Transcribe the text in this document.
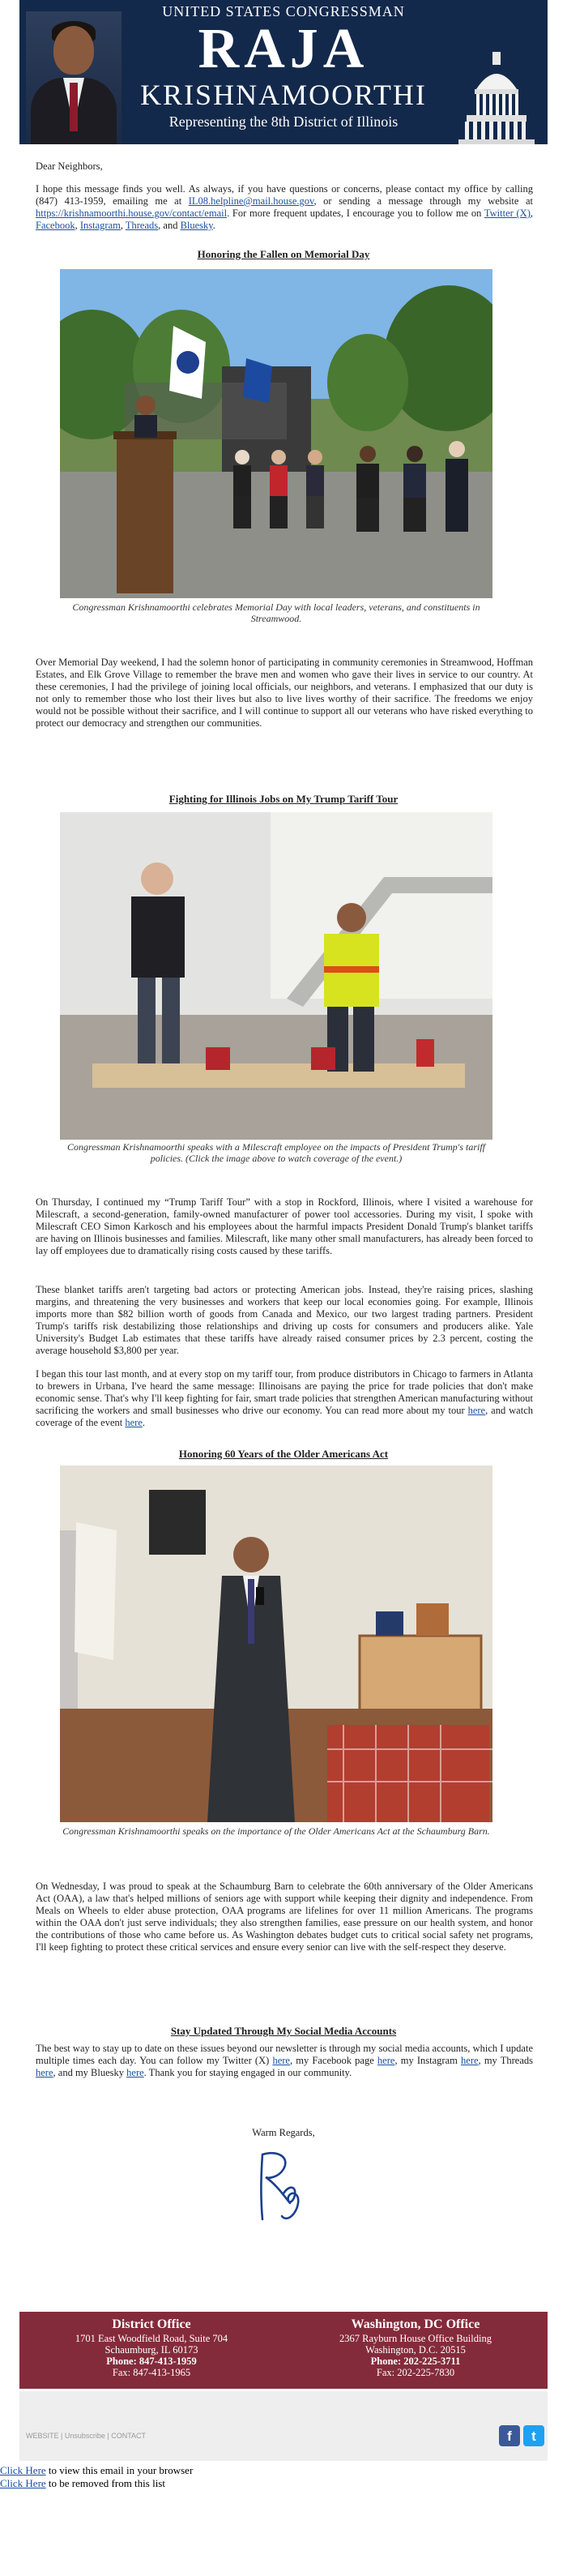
UNITED STATES CONGRESSMAN
RAJA
KRISHNAMOORTHI
Representing the 8th District of Illinois

Dear Neighbors,

I hope this message finds you well. As always, if you have questions or concerns, please contact my office by calling (847) 413-1959, emailing me at IL08.helpline@mail.house.gov, or sending a message through my website at https://krishnamoorthi.house.gov/contact/email. For more frequent updates, I encourage you to follow me on Twitter (X), Facebook, Instagram, Threads, and Bluesky.

Honoring the Fallen on Memorial Day
Congressman Krishnamoorthi celebrates Memorial Day with local leaders, veterans, and constituents in Streamwood.

Over Memorial Day weekend, I had the solemn honor of participating in community ceremonies in Streamwood, Hoffman Estates, and Elk Grove Village to remember the brave men and women who gave their lives in service to our country. At these ceremonies, I had the privilege of joining local officials, our neighbors, and veterans. I emphasized that our duty is not only to remember those who lost their lives but also to live lives worthy of their sacrifice. The freedoms we enjoy would not be possible without their sacrifice, and I will continue to support all our veterans who have risked everything to protect our democracy and strengthen our communities.

Fighting for Illinois Jobs on My Trump Tariff Tour
Congressman Krishnamoorthi speaks with a Milescraft employee on the impacts of President Trump's tariff policies. (Click the image above to watch coverage of the event.)

On Thursday, I continued my “Trump Tariff Tour” with a stop in Rockford, Illinois, where I visited a warehouse for Milescraft, a second-generation, family-owned manufacturer of power tool accessories. During my visit, I spoke with Milescraft CEO Simon Karkosch and his employees about the harmful impacts President Donald Trump's blanket tariffs are having on Illinois businesses and families. Milescraft, like many other small manufacturers, has already been forced to lay off employees due to dramatically rising costs caused by these tariffs.

These blanket tariffs aren't targeting bad actors or protecting American jobs. Instead, they're raising prices, slashing margins, and threatening the very businesses and workers that keep our local economies going. For example, Illinois imports more than $82 billion worth of goods from Canada and Mexico, our two largest trading partners. President Trump's tariffs risk destabilizing those relationships and driving up costs for consumers and producers alike. Yale University's Budget Lab estimates that these tariffs have already raised consumer prices by 2.3 percent, costing the average household $3,800 per year.

I began this tour last month, and at every stop on my tariff tour, from produce distributors in Chicago to farmers in Atlanta to brewers in Urbana, I've heard the same message: Illinoisans are paying the price for trade policies that don't make economic sense. That's why I'll keep fighting for fair, smart trade policies that strengthen American manufacturing without sacrificing the workers and small businesses who drive our economy. You can read more about my tour here, and watch coverage of the event here.

Honoring 60 Years of the Older Americans Act
Congressman Krishnamoorthi speaks on the importance of the Older Americans Act at the Schaumburg Barn.

On Wednesday, I was proud to speak at the Schaumburg Barn to celebrate the 60th anniversary of the Older Americans Act (OAA), a law that's helped millions of seniors age with support while keeping their dignity and independence. From Meals on Wheels to elder abuse protection, OAA programs are lifelines for over 11 million Americans. The programs within the OAA don't just serve individuals; they also strengthen families, ease pressure on our health system, and honor the contributions of those who came before us. As Washington debates budget cuts to critical social safety net programs, I'll keep fighting to protect these critical services and ensure every senior can live with the self-respect they deserve.

Stay Updated Through My Social Media Accounts

The best way to stay up to date on these issues beyond our newsletter is through my social media accounts, which I update multiple times each day. You can follow my Twitter (X) here, my Facebook page here, my Instagram here, my Threads here, and my Bluesky here. Thank you for staying engaged in our community.

Warm Regards,
District Office
1701 East Woodfield Road, Suite 704
Schaumburg, IL 60173
Phone: 847-413-1959
Fax: 847-413-1965
Washington, DC Office
2367 Rayburn House Office Building
Washington, D.C. 20515
Phone: 202-225-3711
Fax: 202-225-7830
WEBSITE | Unsubscribe | CONTACT	f	t
Click Here to view this email in your browser
Click Here to be removed from this list
